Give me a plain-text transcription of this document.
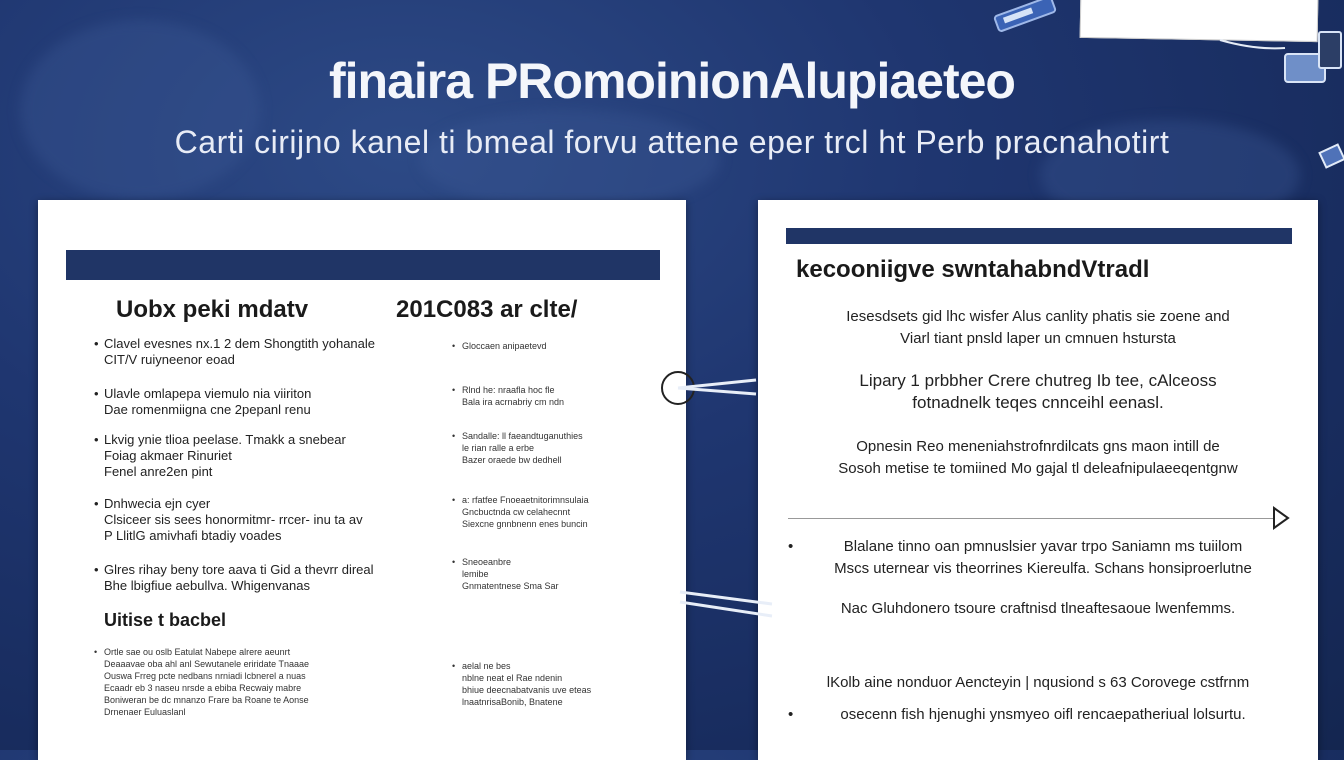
finaira PRomoinionAlupiaeteo
Carti cirijno kanel ti bmeal forvu attene eper trcl ht Perb pracnahotirt
Uobx peki mdatv	201C083 ar clte/
• Clavel evesnes nx.1 2 dem Shongtith yohanale
CIT/V ruiyneenor eoad
• Ulavle omlapepa viemulo nia viiriton
Dae romenmiigna cne 2pepanl renu
• Lkvig ynie tlioa peelase. Tmakk a snebear
Foiag akmaer Rinuriet
Fenel anre2en pint
• Dnhwecia ejn cyer
Clsiceer sis sees honormitmr- rrcer- inu ta av
P LlitlG amivhafi btadiy voades
• Glres rihay beny tore aava ti Gid a thevrr direal
Bhe lbigfiue aebullva. Whigenvanas
• Gloccaen anipaetevd
• Rlnd he: nraafla hoc fle
Bala ira acrnabriy cm ndn
• Sandalle: ll faeandtuganuthies
le rian ralle a erbe
Bazer oraede bw dedhell
• a: rfatfee Fnoeaetnitorimnsulaia
Gncbuctnda cw celahecnnt
Siexcne gnnbnenn enes buncin
• Sneoeanbre
lemibe
Gnmatentnese Sma Sar
Uitise t bacbel
• Ortle sae ou oslb Eatulat Nabepe alrere aeunrt
Deaaavae oba ahl anl Sewutanele eriridate Tnaaae
Ouswa Frreg pcte nedbans nrniadi lcbnerel a nuas
Ecaadr eb 3 naseu nrsde a ebiba Recwaiy mabre
Boniweran be dc mnanzo Frare ba Roane te Aonse
Drnenaer Euluaslanl
• aelal ne bes
nblne neat el Rae ndenin
bhiue deecnabatvanis uve eteas
lnaatnrisaBonib, Bnatene
kecooniigve swntahabndVtradl
Iesesdsets gid lhc wisfer Alus canlity phatis sie zoene and
Viarl tiant pnsld laper un cmnuen hstursta
Lipary 1 prbbher Crere chutreg Ib tee, cAlceoss
fotnadnelk teqes cnnceihl eenasl.
Opnesin Reo meneniahstrofnrdilcats gns maon intill de
Sosoh metise te tomiined Mo gajal tl deleafnipulaeeqentgnw
• Blalane tinno oan pmnuslsier yavar trpo Saniamn ms tuiilom
Mscs uternear vis theorrines Kiereulfa. Schans honsiproerlutne
Nac Gluhdonero tsoure craftnisd tlneaftesaoue lwenfemms.
lKolb aine nonduor Aencteyin | nqusiond s 63 Corovege cstfrnm
• osecenn fish hjenughi ynsmyeo oifl rencaepatheriual lolsurtu.
